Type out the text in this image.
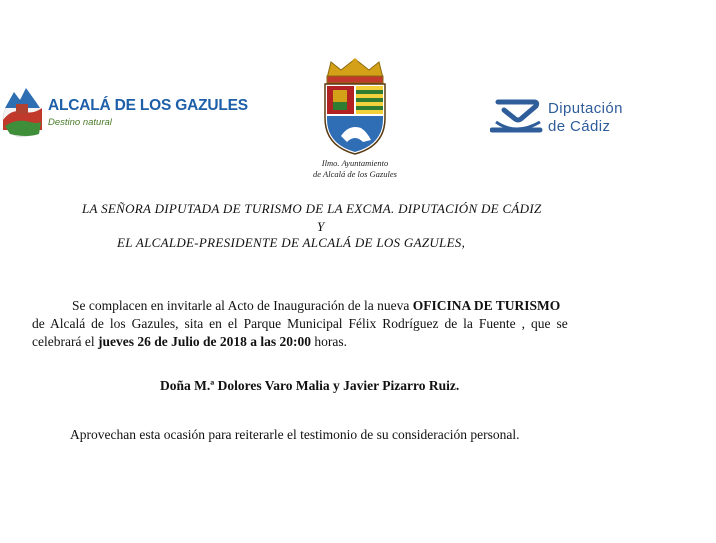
ALCALÁ DE LOS GAZULES
Destino natural
Ilmo. Ayuntamiento
de Alcalá de los Gazules
Diputación
de Cádiz
LA SEÑORA DIPUTADA DE TURISMO DE LA EXCMA. DIPUTACIÓN DE CÁDIZ
Y
EL ALCALDE-PRESIDENTE DE ALCALÁ DE LOS GAZULES,
Se complacen en invitarle al Acto de Inauguración de la nueva OFICINA DE TURISMO
de Alcalá de los Gazules, sita en el Parque Municipal Félix Rodríguez de la Fuente , que se
celebrará el jueves 26 de Julio de 2018 a las 20:00 horas.
Doña M.ª Dolores Varo Malia y Javier Pizarro Ruiz.
Aprovechan esta ocasión para reiterarle el testimonio de su consideración personal.
